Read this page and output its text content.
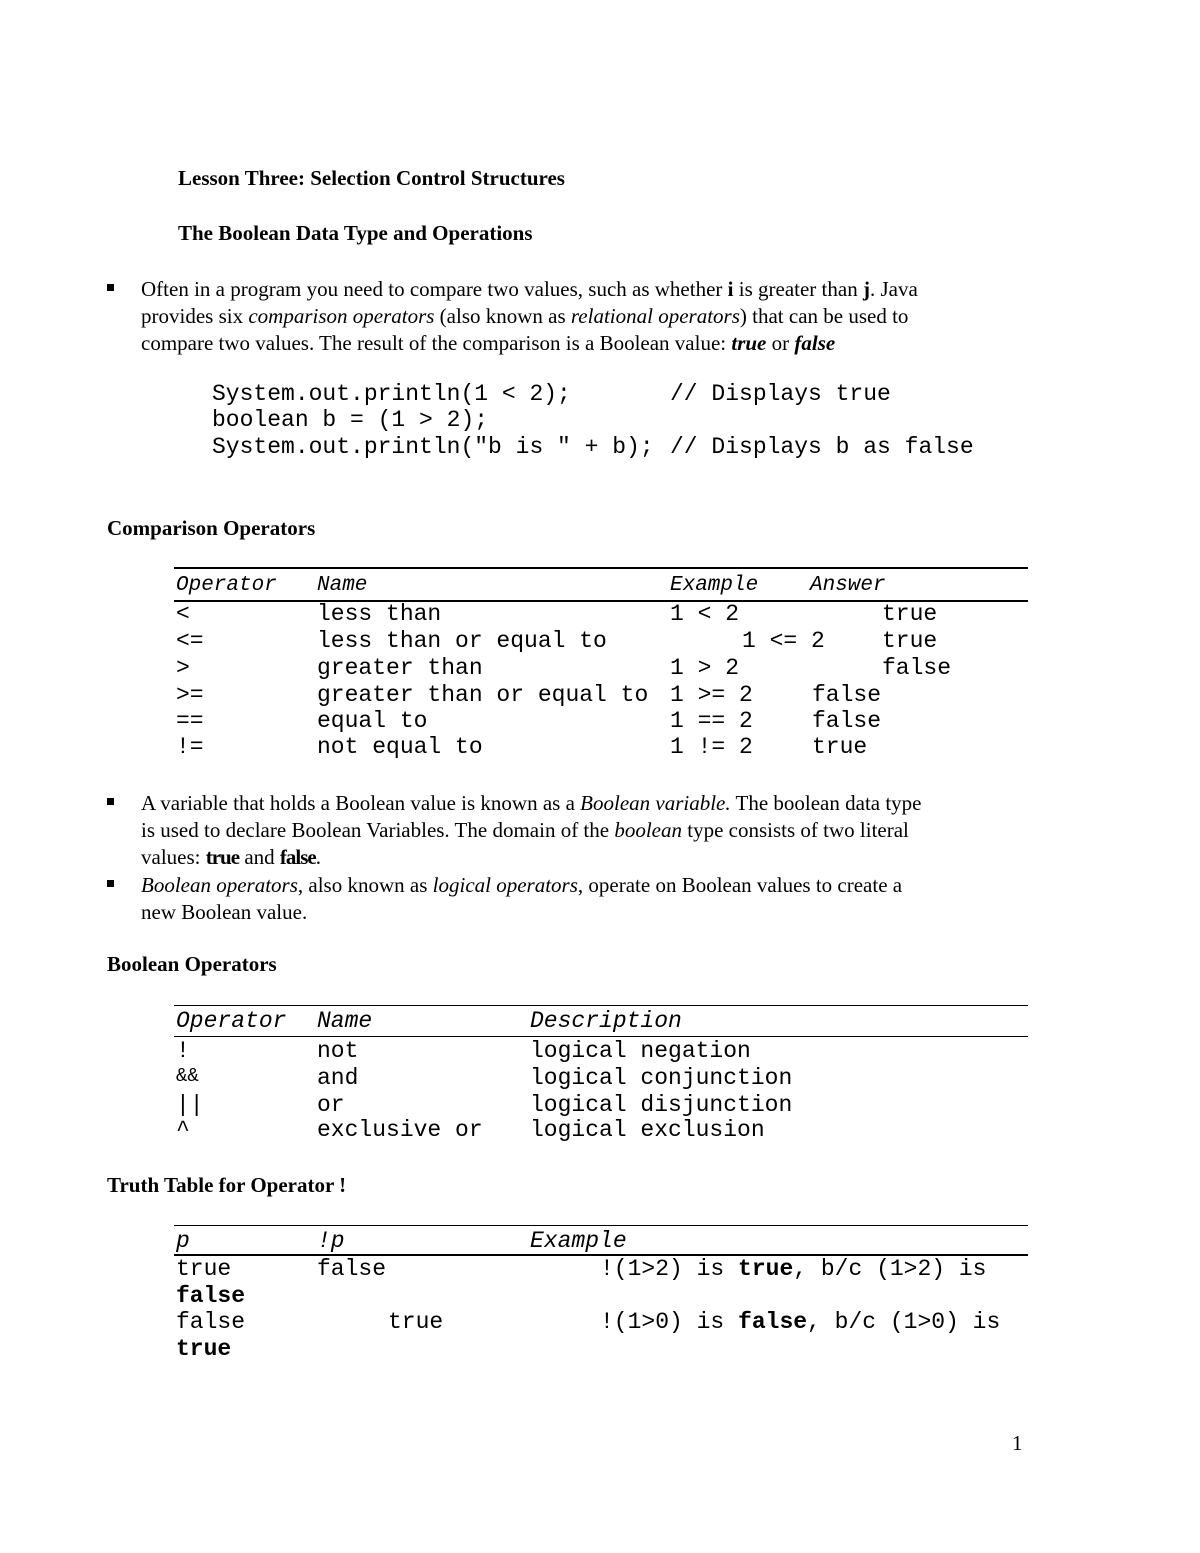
Lesson Three: Selection Control Structures
The Boolean Data Type and Operations
Often in a program you need to compare two values, such as whether i is greater than j. Java
provides six comparison operators (also known as relational operators) that can be used to
compare two values. The result of the comparison is a Boolean value: true or false
System.out.println(1 < 2);	// Displays true
boolean b = (1 > 2);
System.out.println("b is " + b); // Displays b as false
Comparison Operators
Operator Name	Example Answer
<	less than	1 < 2	true
<=	less than or equal to	1 <= 2 true
>	greater than	1 > 2	false
>=	greater than or equal to 1 >= 2	false
==	equal to	1 == 2	false
!=	not equal to	1 != 2	true
A variable that holds a Boolean value is known as a Boolean variable. The boolean data type
is used to declare Boolean Variables. The domain of the boolean type consists of two literal
values: true and false.
Boolean operators, also known as logical operators, operate on Boolean values to create a
new Boolean value.
Boolean Operators
Operator Name	Description
!	not	logical negation
&&	and	logical conjunction
||	or	logical disjunction
^	exclusive or logical exclusion
Truth Table for Operator !
p	!p	Example
true	false	!(1>2) is true, b/c (1>2) is
false
false	true	!(1>0) is false, b/c (1>0) is
true
1
